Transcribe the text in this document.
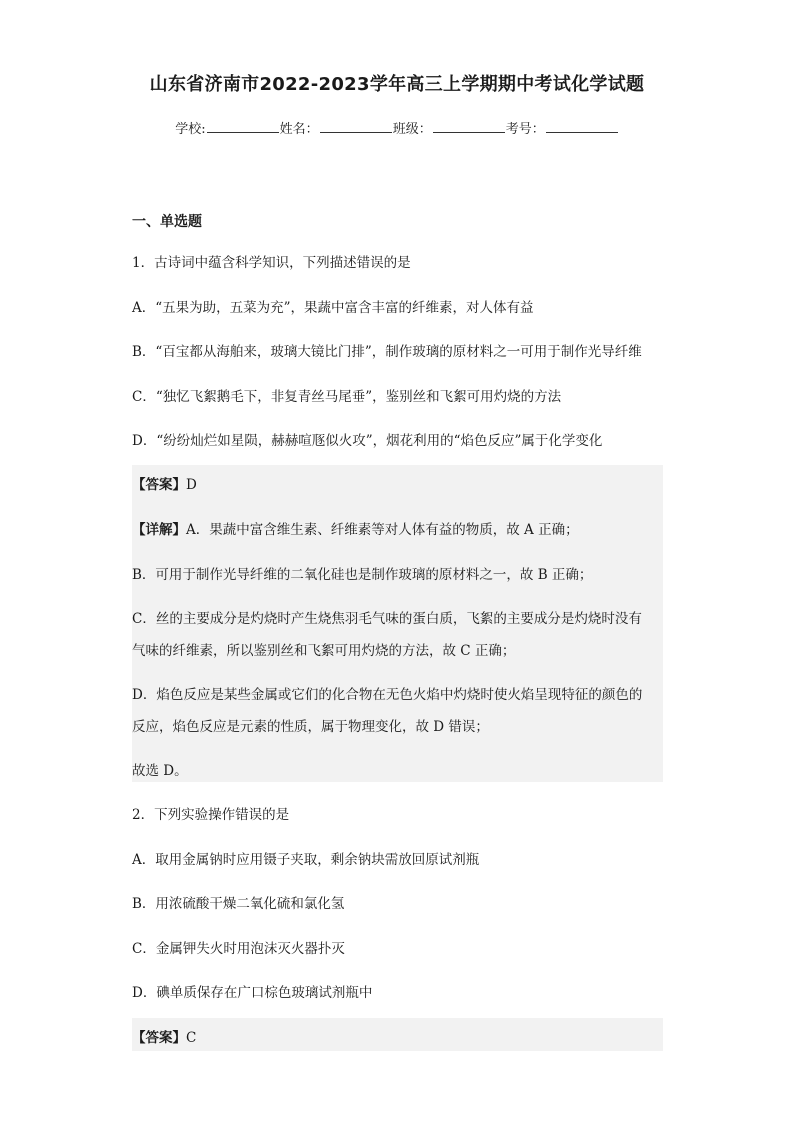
山东省济南市2022-2023学年高三上学期期中考试化学试题
学校:	姓名：	班级：	考号：
一、单选题
1．古诗词中蕴含科学知识，下列描述错误的是
A．“五果为助，五菜为充”，果蔬中富含丰富的纤维素，对人体有益
B．“百宝都从海舶来，玻璃大镜比门排”，制作玻璃的原材料之一可用于制作光导纤维
C．“独忆飞絮鹅毛下，非复青丝马尾垂”，鉴别丝和飞絮可用灼烧的方法
D．“纷纷灿烂如星陨，赫赫喧豗似火攻”，烟花利用的“焰色反应”属于化学变化
【答案】D
【详解】A．果蔬中富含维生素、纤维素等对人体有益的物质，故 A 正确；
B．可用于制作光导纤维的二氧化硅也是制作玻璃的原材料之一，故 B 正确；
C．丝的主要成分是灼烧时产生烧焦羽毛气味的蛋白质，飞絮的主要成分是灼烧时没有
气味的纤维素，所以鉴别丝和飞絮可用灼烧的方法，故 C 正确；
D．焰色反应是某些金属或它们的化合物在无色火焰中灼烧时使火焰呈现特征的颜色的
反应，焰色反应是元素的性质，属于物理变化，故 D 错误；
故选 D。
2．下列实验操作错误的是
A．取用金属钠时应用镊子夹取，剩余钠块需放回原试剂瓶
B．用浓硫酸干燥二氧化硫和氯化氢
C．金属钾失火时用泡沫灭火器扑灭
D．碘单质保存在广口棕色玻璃试剂瓶中
【答案】C
